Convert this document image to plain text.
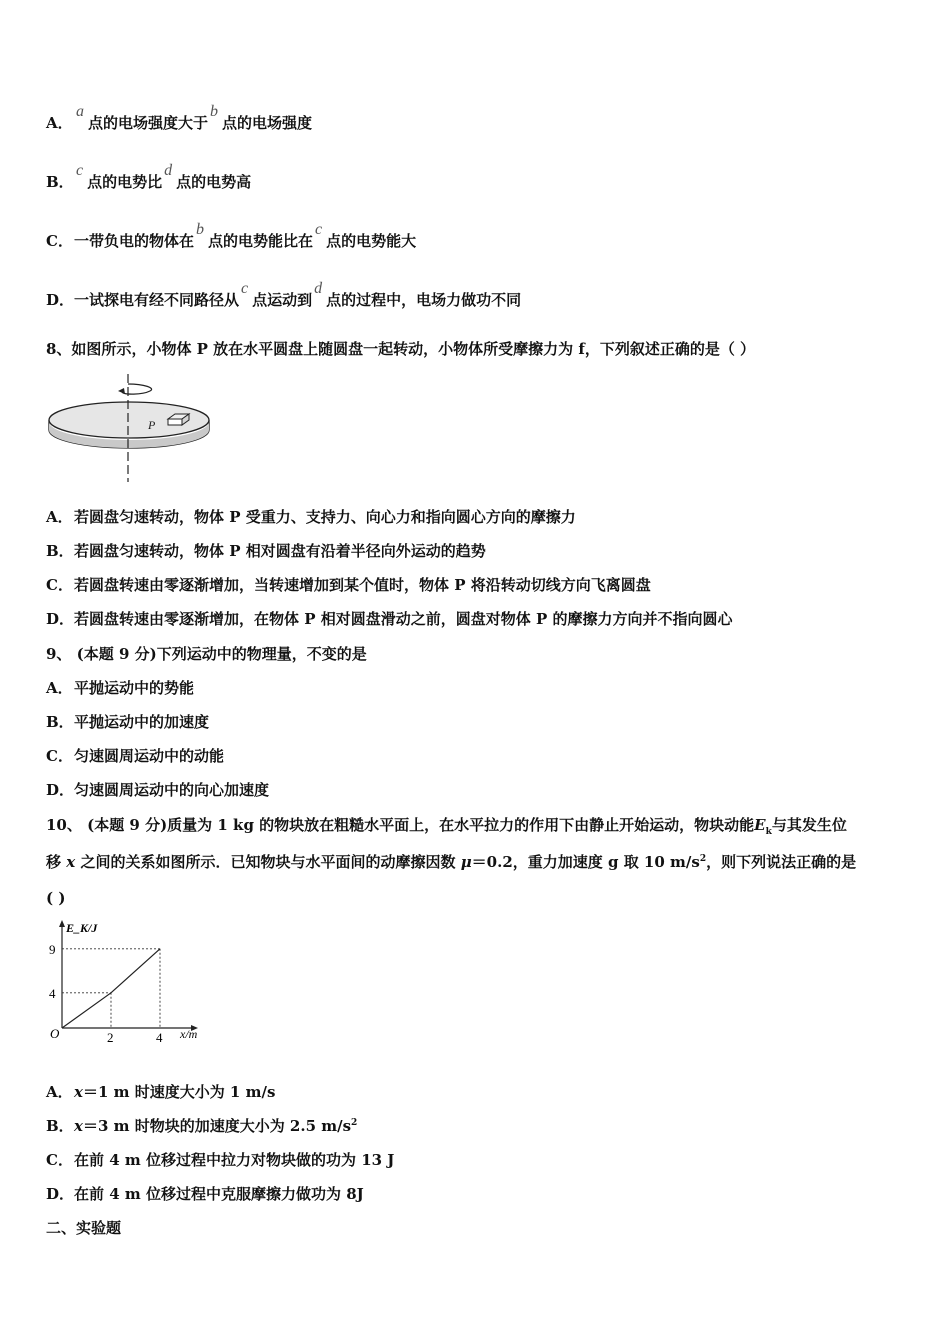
A．a点的电场强度大于b点的电场强度
B．c点的电势比d点的电势高
C．一带负电的物体在b点的电势能比在c点的电势能大
D．一试探电有经不同路径从c点运动到d点的过程中，电场力做功不同
8、如图所示，小物体 P 放在水平圆盘上随圆盘一起转动，小物体所受摩擦力为 f，下列叙述正确的是（ ）
P
A．若圆盘匀速转动，物体 P 受重力、支持力、向心力和指向圆心方向的摩擦力
B．若圆盘匀速转动，物体 P 相对圆盘有沿着半径向外运动的趋势
C．若圆盘转速由零逐渐增加，当转速增加到某个值时，物体 P 将沿转动切线方向飞离圆盘
D．若圆盘转速由零逐渐增加，在物体 P 相对圆盘滑动之前，圆盘对物体 P 的摩擦力方向并不指向圆心
9、 (本题 9 分)下列运动中的物理量，不变的是
A．平抛运动中的势能
B．平抛运动中的加速度
C．匀速圆周运动中的动能
D．匀速圆周运动中的向心加速度
10、 (本题 9 分)质量为 1 kg 的物块放在粗糙水平面上，在水平拉力的作用下由静止开始运动，物块动能$E_k$与其发生位
移 x 之间的关系如图所示．已知物块与水平面间的动摩擦因数 μ＝0.2，重力加速度 g 取 10 $m/s^2$，则下列说法正确的是
( )
E_K/J
O	x/m
2
4
4
9
A．x＝1 m 时速度大小为 1 m/s
B．x＝3 m 时物块的加速度大小为 2.5 $m/s^2$
C．在前 4 m 位移过程中拉力对物块做的功为 13 J
D．在前 4 m 位移过程中克服摩擦力做功为 8J
二、实验题
